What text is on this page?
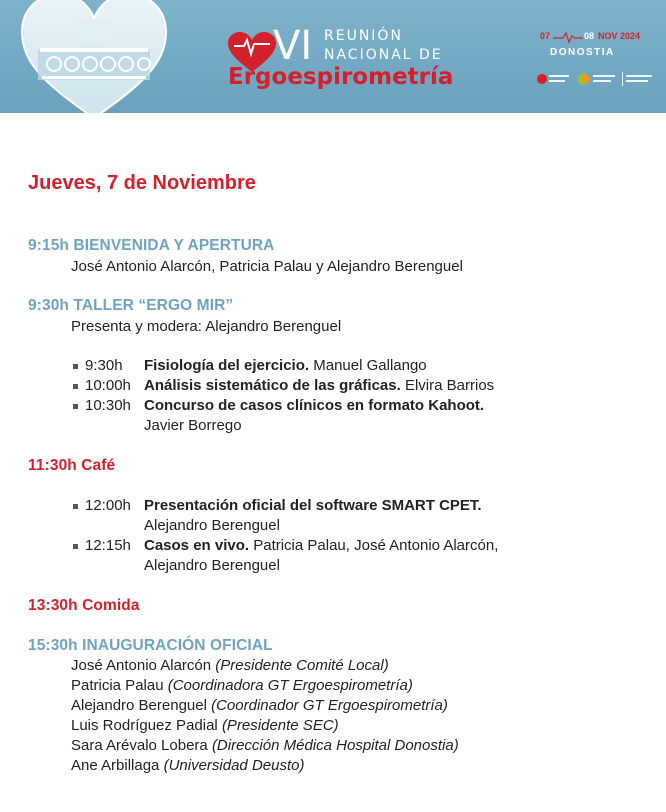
VI REUNIÓN
NACIONAL DE
Ergoespirometría
07	08 NOV 2024
DONOSTIA
Jueves, 7 de Noviembre
9:15h BIENVENIDA Y APERTURA
José Antonio Alarcón, Patricia Palau y Alejandro Berenguel
9:30h TALLER “ERGO MIR”
Presenta y modera: Alejandro Berenguel
9:30h Fisiología del ejercicio. Manuel Gallango
10:00h Análisis sistemático de las gráficas. Elvira Barrios
10:30h Concurso de casos clínicos en formato Kahoot.
Javier Borrego
11:30h Café
12:00h Presentación oficial del software SMART CPET.
Alejandro Berenguel
12:15h Casos en vivo. Patricia Palau, José Antonio Alarcón,
Alejandro Berenguel
13:30h Comida
15:30h INAUGURACIÓN OFICIAL
José Antonio Alarcón (Presidente Comité Local)
Patricia Palau (Coordinadora GT Ergoespirometría)
Alejandro Berenguel (Coordinador GT Ergoespirometría)
Luis Rodríguez Padial (Presidente SEC)
Sara Arévalo Lobera (Dirección Médica Hospital Donostia)
Ane Arbillaga (Universidad Deusto)
